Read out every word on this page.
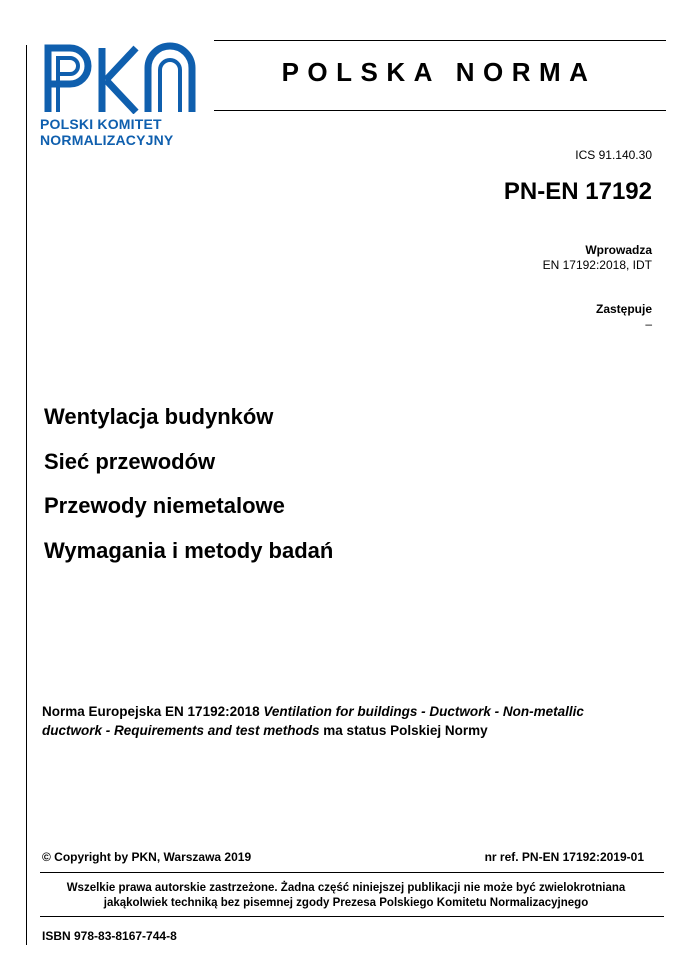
POLSKI KOMITET
NORMALIZACYJNY
POLSKA NORMA
ICS 91.140.30
PN-EN 17192
Wprowadza
EN 17192:2018, IDT
Zastępuje
–
Wentylacja budynków
Sieć przewodów
Przewody niemetalowe
Wymagania i metody badań
Norma Europejska EN 17192:2018 Ventilation for buildings - Ductwork - Non-metallic ductwork - Requirements and test methods ma status Polskiej Normy
© Copyright by PKN, Warszawa 2019	nr ref. PN-EN 17192:2019-01
Wszelkie prawa autorskie zastrzeżone. Żadna część niniejszej publikacji nie może być zwielokrotniana jakąkolwiek techniką bez pisemnej zgody Prezesa Polskiego Komitetu Normalizacyjnego
ISBN 978-83-8167-744-8
